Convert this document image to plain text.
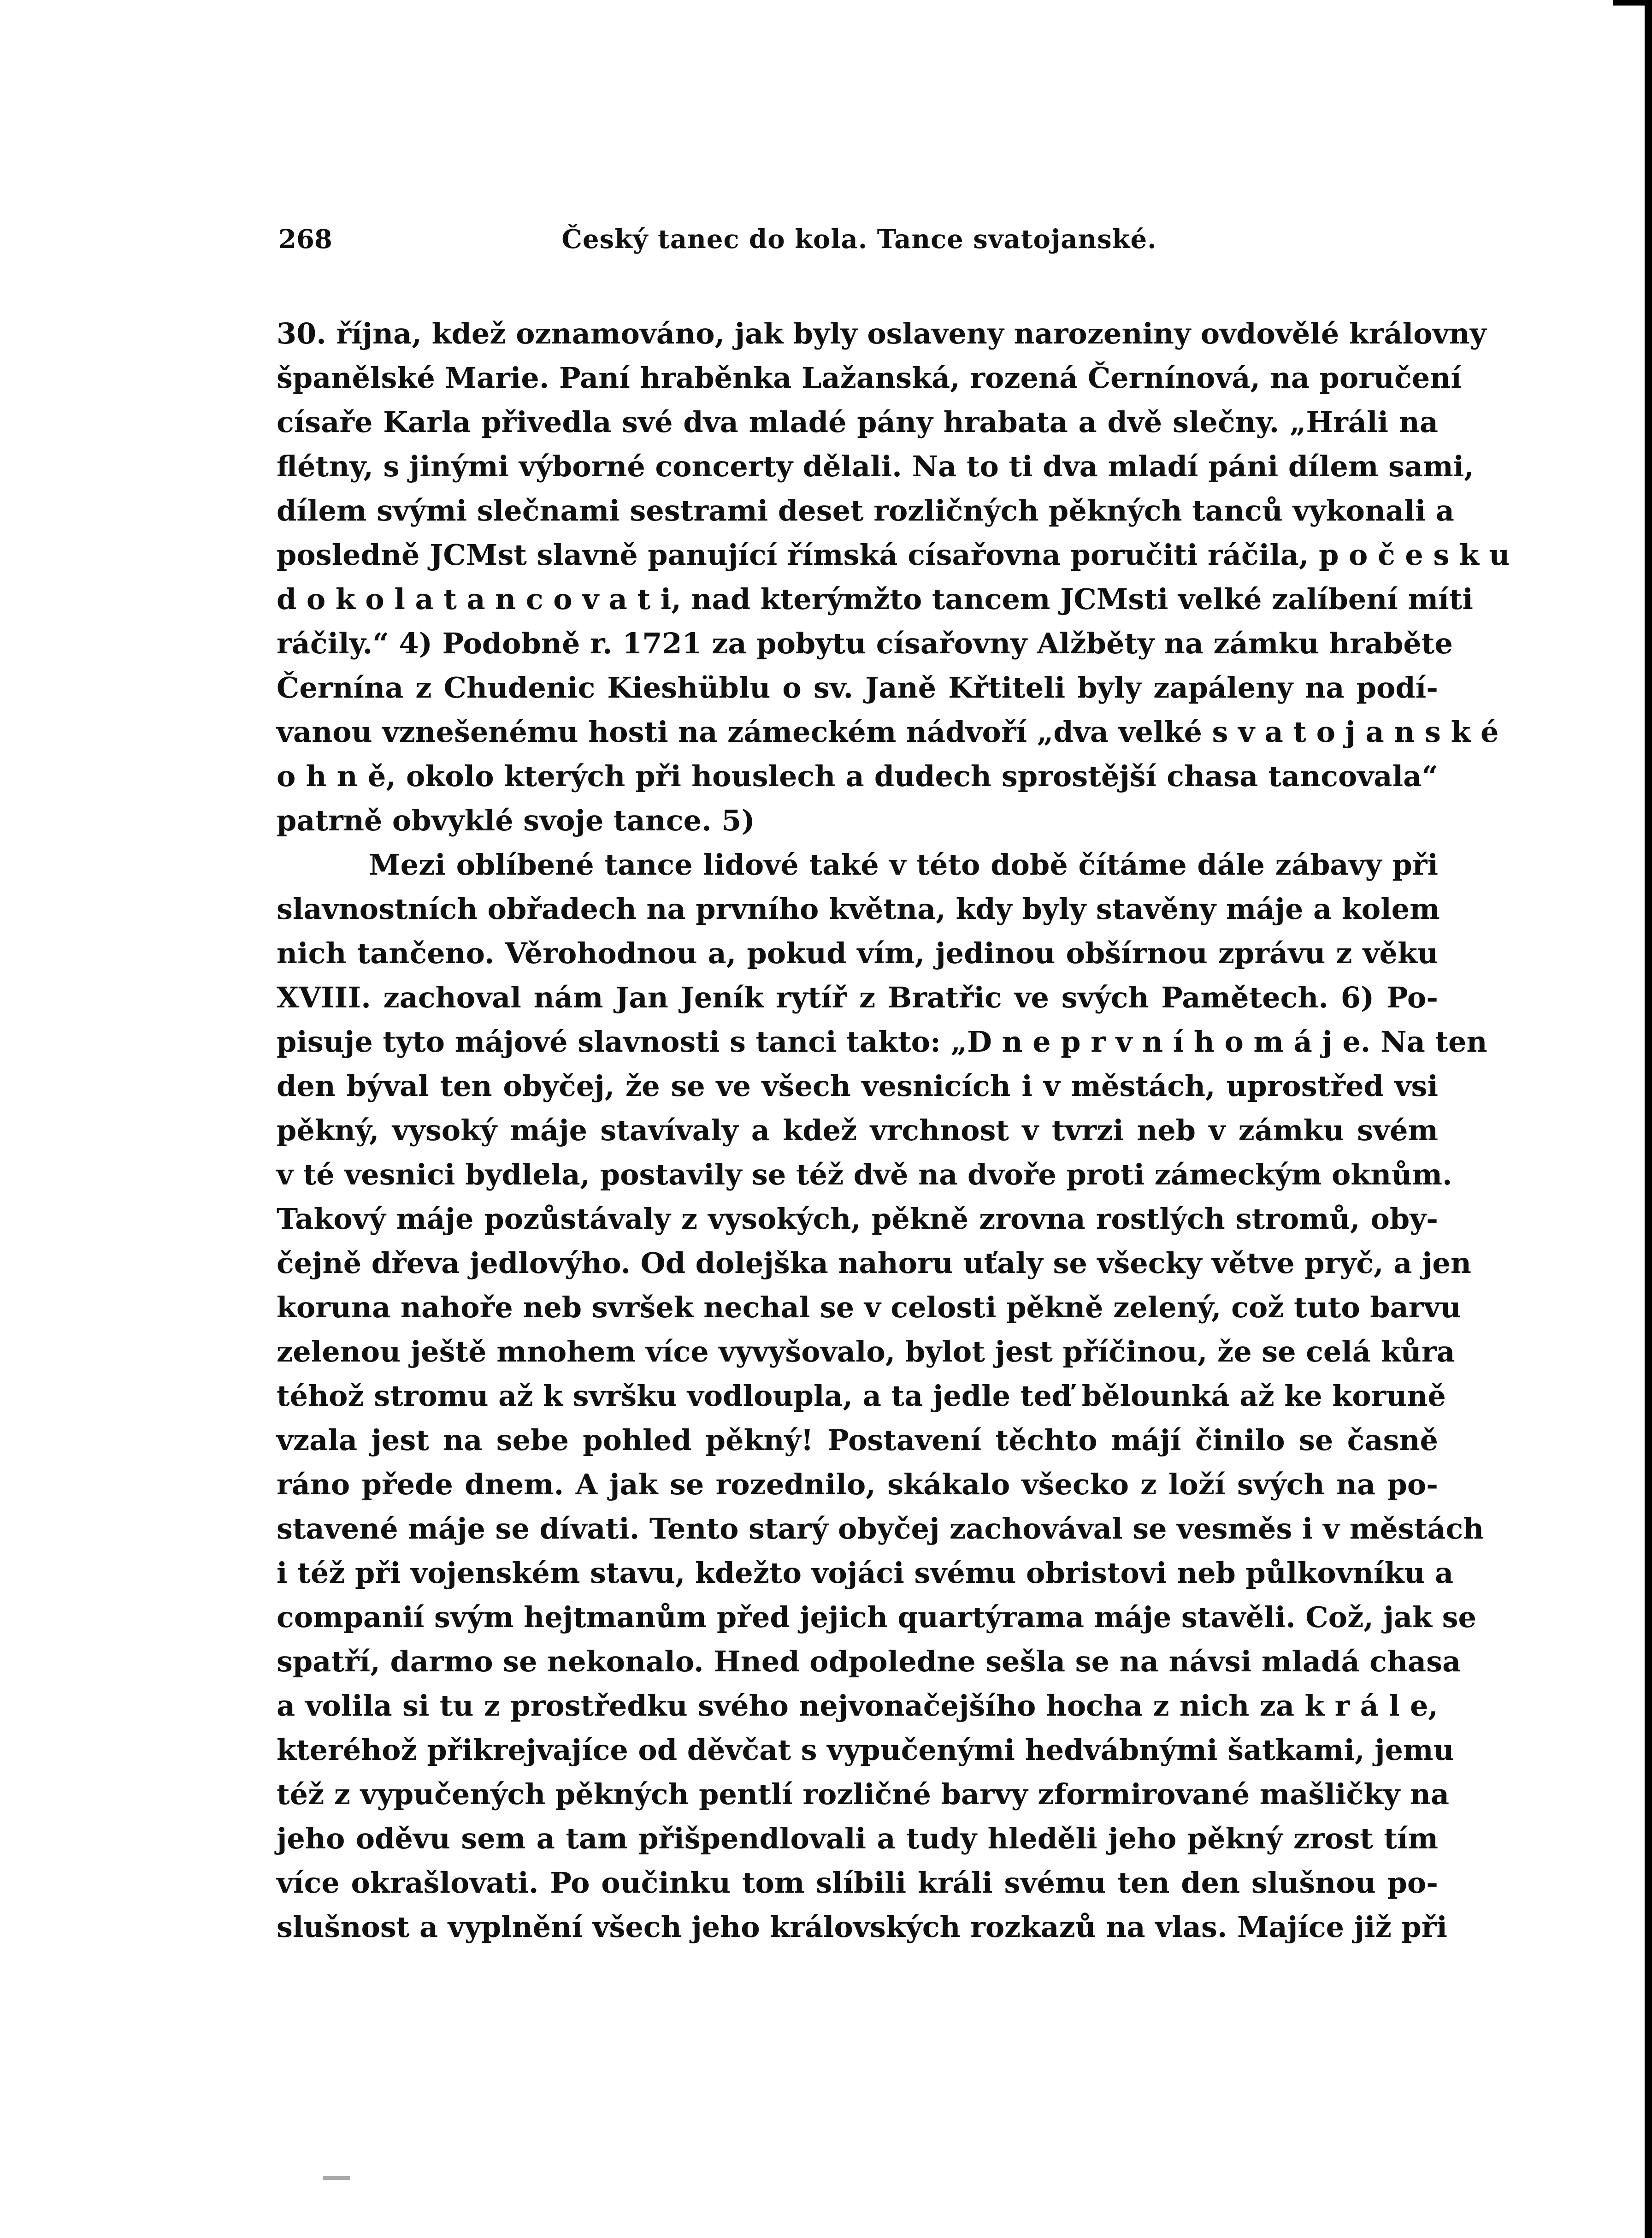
268	Český tanec do kola. Tance svatojanské.
30. října, kdež oznamováno, jak byly oslaveny narozeniny ovdovělé královny
španělské Marie. Paní hraběnka Lažanská, rozená Černínová, na poručení
císaře Karla přivedla své dva mladé pány hrabata a dvě slečny. „Hráli na
flétny, s jinými výborné concerty dělali. Na to ti dva mladí páni dílem sami,
dílem svými slečnami sestrami deset rozličných pěkných tanců vykonali a
posledně JCMst slavně panující římská císařovna poručiti ráčila, p o č e s k u
d o k o l a t a n c o v a t i, nad kterýmžto tancem JCMsti velké zalíbení míti
ráčily.“ 4) Podobně r. 1721 za pobytu císařovny Alžběty na zámku hraběte
Černína z Chudenic Kieshüblu o sv. Janě Křtiteli byly zapáleny na podí-
vanou vznešenému hosti na zámeckém nádvoří „dva velké s v a t o j a n s k é
o h n ě, okolo kterých při houslech a dudech sprostější chasa tancovala“
patrně obvyklé svoje tance. 5)
Mezi oblíbené tance lidové také v této době čítáme dále zábavy při
slavnostních obřadech na prvního května, kdy byly stavěny máje a kolem
nich tančeno. Věrohodnou a, pokud vím, jedinou obšírnou zprávu z věku
XVIII. zachoval nám Jan Jeník rytíř z Bratřic ve svých Pamětech. 6) Po-
pisuje tyto májové slavnosti s tanci takto: „D n e p r v n í h o m á j e. Na ten
den býval ten obyčej, že se ve všech vesnicích i v městách, uprostřed vsi
pěkný, vysoký máje stavívaly a kdež vrchnost v tvrzi neb v zámku svém
v té vesnici bydlela, postavily se též dvě na dvoře proti zámeckým oknům.
Takový máje pozůstávaly z vysokých, pěkně zrovna rostlých stromů, oby-
čejně dřeva jedlovýho. Od dolejška nahoru uťaly se všecky větve pryč, a jen
koruna nahoře neb svršek nechal se v celosti pěkně zelený, což tuto barvu
zelenou ještě mnohem více vyvyšovalo, bylot jest příčinou, že se celá kůra
téhož stromu až k svršku vodloupla, a ta jedle teď bělounká až ke koruně
vzala jest na sebe pohled pěkný! Postavení těchto májí činilo se časně
ráno přede dnem. A jak se rozednilo, skákalo všecko z loží svých na po-
stavené máje se dívati. Tento starý obyčej zachovával se vesměs i v městách
i též při vojenském stavu, kdežto vojáci svému obristovi neb půlkovníku a
companií svým hejtmanům před jejich quartýrama máje stavěli. Což, jak se
spatří, darmo se nekonalo. Hned odpoledne sešla se na návsi mladá chasa
a volila si tu z prostředku svého nejvonačejšího hocha z nich za k r á l e,
kteréhož přikrejvajíce od děvčat s vypučenými hedvábnými šatkami, jemu
též z vypučených pěkných pentlí rozličné barvy zformirované mašličky na
jeho oděvu sem a tam přišpendlovali a tudy hleděli jeho pěkný zrost tím
více okrašlovati. Po oučinku tom slíbili králi svému ten den slušnou po-
slušnost a vyplnění všech jeho královských rozkazů na vlas. Majíce již při
